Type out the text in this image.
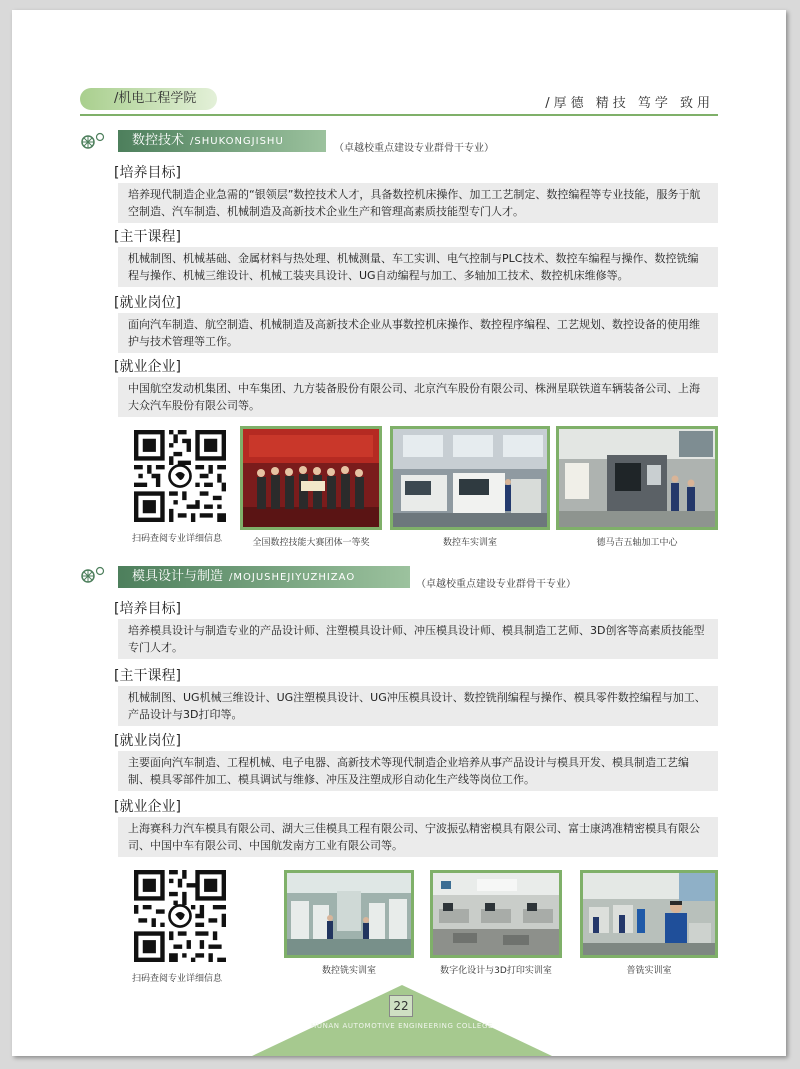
/机电工程学院	/厚德 精技 笃学 致用
数控技术 /SHUKONGJISHU
（卓越校重点建设专业群骨干专业）
[培养目标]
培养现代制造企业急需的“银领层”数控技术人才，具备数控机床操作、加工工艺制定、数控编程等专业技能，服务于航空制造、汽车制造、机械制造及高新技术企业生产和管理高素质技能型专门人才。
[主干课程]
机械制图、机械基础、金属材料与热处理、机械测量、车工实训、电气控制与PLC技术、数控车编程与操作、数控铣编程与操作、机械三维设计、机械工装夹具设计、UG自动编程与加工、多轴加工技术、数控机床维修等。
[就业岗位]
面向汽车制造、航空制造、机械制造及高新技术企业从事数控机床操作、数控程序编程、工艺规划、数控设备的使用维护与技术管理等工作。
[就业企业]
中国航空发动机集团、中车集团、九方装备股份有限公司、北京汽车股份有限公司、株洲星联铁道车辆装备公司、上海大众汽车股份有限公司等。
扫码查阅专业详细信息	全国数控技能大赛团体一等奖	数控车实训室	德马吉五轴加工中心
模具设计与制造 /MOJUSHEJIYUZHIZAO
（卓越校重点建设专业群骨干专业）
[培养目标]
培养模具设计与制造专业的产品设计师、注塑模具设计师、冲压模具设计师、模具制造工艺师、3D创客等高素质技能型专门人才。
[主干课程]
机械制图、UG机械三维设计、UG注塑模具设计、UG冲压模具设计、数控铣削编程与操作、模具零件数控编程与加工、产品设计与3D打印等。
[就业岗位]
主要面向汽车制造、工程机械、电子电器、高新技术等现代制造企业培养从事产品设计与模具开发、模具制造工艺编制、模具零部件加工、模具调试与维修、冲压及注塑成形自动化生产线等岗位工作。
[就业企业]
上海赛科力汽车模具有限公司、湖大三佳模具工程有限公司、宁波振弘精密模具有限公司、富士康鸿准精密模具有限公司、中国中车有限公司、中国航发南方工业有限公司等。
扫码查阅专业详细信息
数控铣实训室	数字化设计与3D打印实训室	普铣实训室
22
HUNAN AUTOMOTIVE ENGINEERING COLLEGE
